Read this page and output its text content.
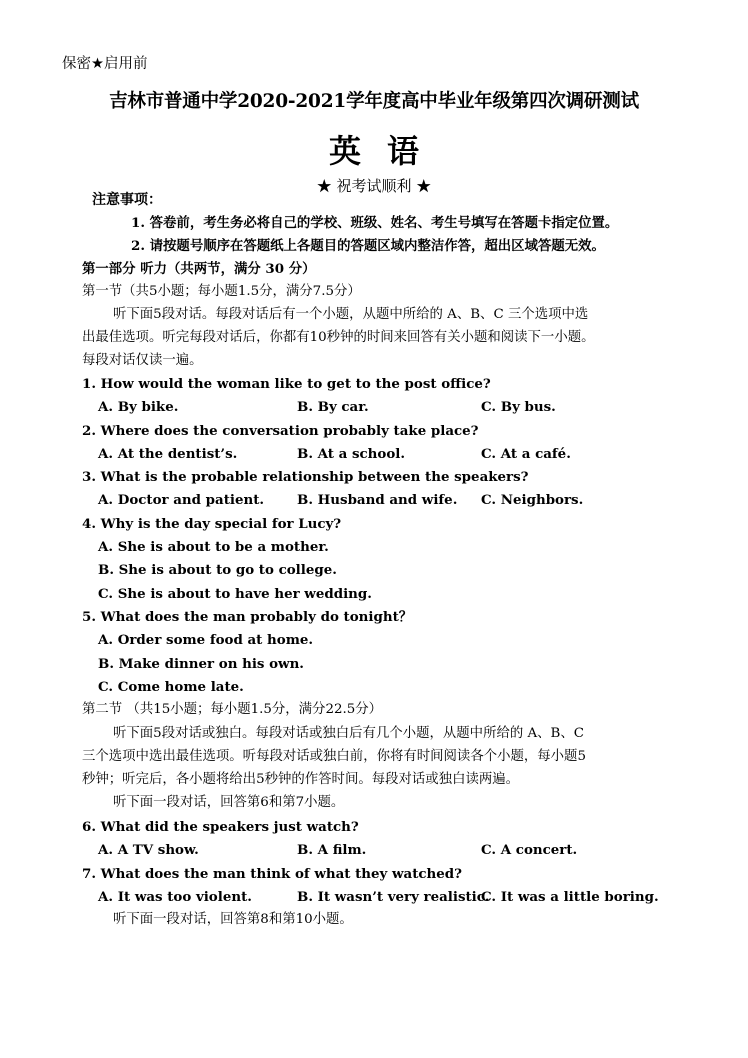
保密★启用前
吉林市普通中学2020-2021学年度高中毕业年级第四次调研测试
英语
★ 祝考试顺利 ★
注意事项：
1. 答卷前，考生务必将自己的学校、班级、姓名、考生号填写在答题卡指定位置。
2. 请按题号顺序在答题纸上各题目的答题区域内整洁作答，超出区域答题无效。
第一部分 听力（共两节，满分 30 分）
第一节（共5小题；每小题1.5分，满分7.5分）
听下面5段对话。每段对话后有一个小题，从题中所给的 A、B、C 三个选项中选
出最佳选项。听完每段对话后，你都有10秒钟的时间来回答有关小题和阅读下一小题。
每段对话仅读一遍。
1. How would the woman like to get to the post office?
A. By bike.	B. By car.	C. By bus.
2. Where does the conversation probably take place?
A. At the dentist’s.	B. At a school.	C. At a café.
3. What is the probable relationship between the speakers?
A. Doctor and patient. B. Husband and wife. C. Neighbors.
4. Why is the day special for Lucy?
A. She is about to be a mother.
B. She is about to go to college.
C. She is about to have her wedding.
5. What does the man probably do tonight？
A. Order some food at home.
B. Make dinner on his own.
C. Come home late.
第二节 （共15小题；每小题1.5分，满分22.5分）
听下面5段对话或独白。每段对话或独白后有几个小题，从题中所给的 A、B、C
三个选项中选出最佳选项。听每段对话或独白前，你将有时间阅读各个小题，每小题5
秒钟；听完后，各小题将给出5秒钟的作答时间。每段对话或独白读两遍。
听下面一段对话，回答第6和第7小题。
6. What did the speakers just watch?
A. A TV show.	B. A film.	C. A concert.
7. What does the man think of what they watched?
A. It was too violent.	B. It wasn’t very realistic.
C. It was a little boring.
听下面一段对话，回答第8和第10小题。
